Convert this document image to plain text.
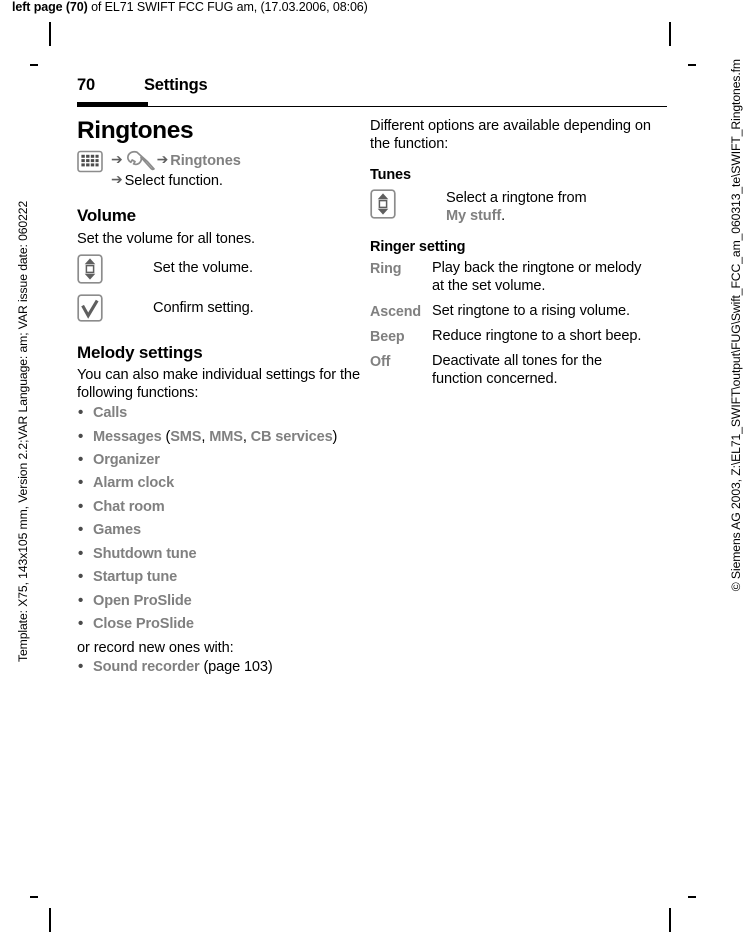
left page (70) of EL71 SWIFT FCC FUG am, (17.03.2006, 08:06)
Template: X75, 143x105 mm, Version 2.2;VAR Language: am; VAR issue date: 060222	© Siemens AG 2003, Z:\EL71_SWIFT\output\FUG\Swift_FCC_am_060313_te\SWIFT_Ringtones.fm
70	Settings
Ringtones
➔ ➔ Ringtones
➔ Select function.
Volume

Set the volume for all tones.

Set the volume.
Confirm setting.
Melody settings

You can also make individual settings for the following functions:

• Calls
• Messages (SMS, MMS, CB services)
• Organizer
• Alarm clock
• Chat room
• Games
• Shutdown tune
• Startup tune
• Open ProSlide
• Close ProSlide

or record new ones with:

• Sound recorder (page 103)

Different options are available depending on the function:

Tunes
Select a ringtone from
My stuff.
Ringer setting
Ring	Play back the ringtone or melody at the set volume.
Ascend Set ringtone to a rising volume.
Beep	Reduce ringtone to a short beep.
Off	Deactivate all tones for the function concerned.
